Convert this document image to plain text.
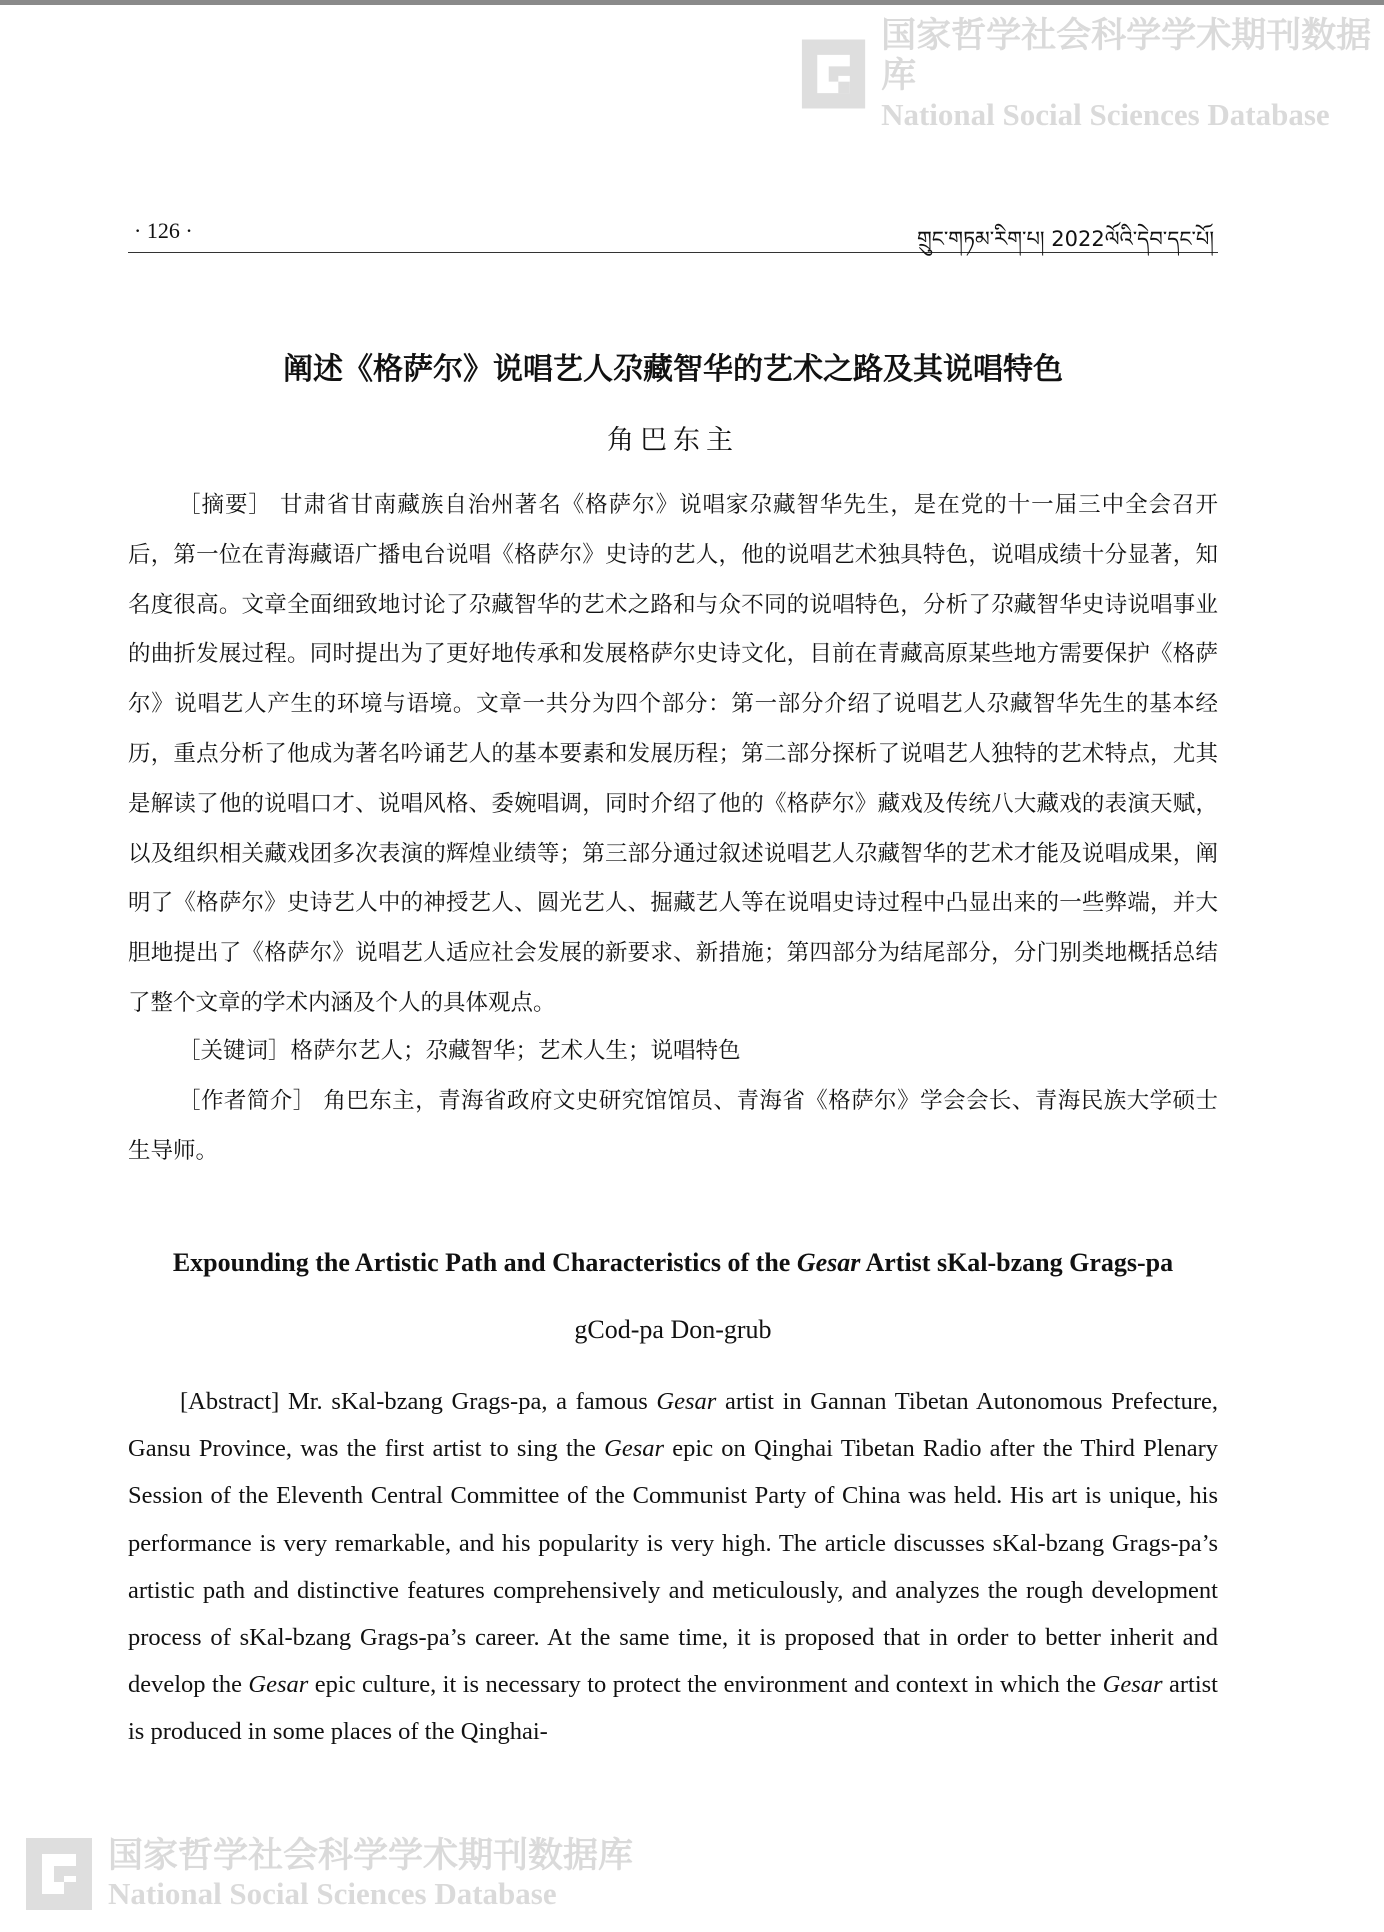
国家哲学社会科学学术期刊数据库
National Social Sciences Database
· 126 ·	གྲུང་གཏམ་རིག་པ། 2022ལོའི་དེབ་དང་པོ།
阐述《格萨尔》说唱艺人尕藏智华的艺术之路及其说唱特色
角巴东主
［摘要］ 甘肃省甘南藏族自治州著名《格萨尔》说唱家尕藏智华先生，是在党的十一届三中全会召开后，第一位在青海藏语广播电台说唱《格萨尔》史诗的艺人，他的说唱艺术独具特色，说唱成绩十分显著，知名度很高。文章全面细致地讨论了尕藏智华的艺术之路和与众不同的说唱特色，分析了尕藏智华史诗说唱事业的曲折发展过程。同时提出为了更好地传承和发展格萨尔史诗文化，目前在青藏高原某些地方需要保护《格萨尔》说唱艺人产生的环境与语境。文章一共分为四个部分：第一部分介绍了说唱艺人尕藏智华先生的基本经历，重点分析了他成为著名吟诵艺人的基本要素和发展历程；第二部分探析了说唱艺人独特的艺术特点，尤其是解读了他的说唱口才、说唱风格、委婉唱调，同时介绍了他的《格萨尔》藏戏及传统八大藏戏的表演天赋，以及组织相关藏戏团多次表演的辉煌业绩等；第三部分通过叙述说唱艺人尕藏智华的艺术才能及说唱成果，阐明了《格萨尔》史诗艺人中的神授艺人、圆光艺人、掘藏艺人等在说唱史诗过程中凸显出来的一些弊端，并大胆地提出了《格萨尔》说唱艺人适应社会发展的新要求、新措施；第四部分为结尾部分，分门别类地概括总结了整个文章的学术内涵及个人的具体观点。
［关键词］格萨尔艺人；尕藏智华；艺术人生；说唱特色
［作者简介］ 角巴东主，青海省政府文史研究馆馆员、青海省《格萨尔》学会会长、青海民族大学硕士生导师。
Expounding the Artistic Path and Characteristics of the Gesar Artist sKal-bzang Grags-pa
gCod-pa Don-grub
[Abstract] Mr. sKal-bzang Grags-pa, a famous Gesar artist in Gannan Tibetan Autonomous Prefecture, Gansu Province, was the first artist to sing the Gesar epic on Qinghai Tibetan Radio after the Third Plenary Session of the Eleventh Central Committee of the Communist Party of China was held. His art is unique, his performance is very remarkable, and his popularity is very high. The article discusses sKal-bzang Grags-pa’s artistic path and distinctive features comprehensively and meticulously, and analyzes the rough development process of sKal-bzang Grags-pa’s career. At the same time, it is proposed that in order to better inherit and develop the Gesar epic culture, it is necessary to protect the environment and context in which the Gesar artist is produced in some places of the Qinghai-
国家哲学社会科学学术期刊数据库
National Social Sciences Database
